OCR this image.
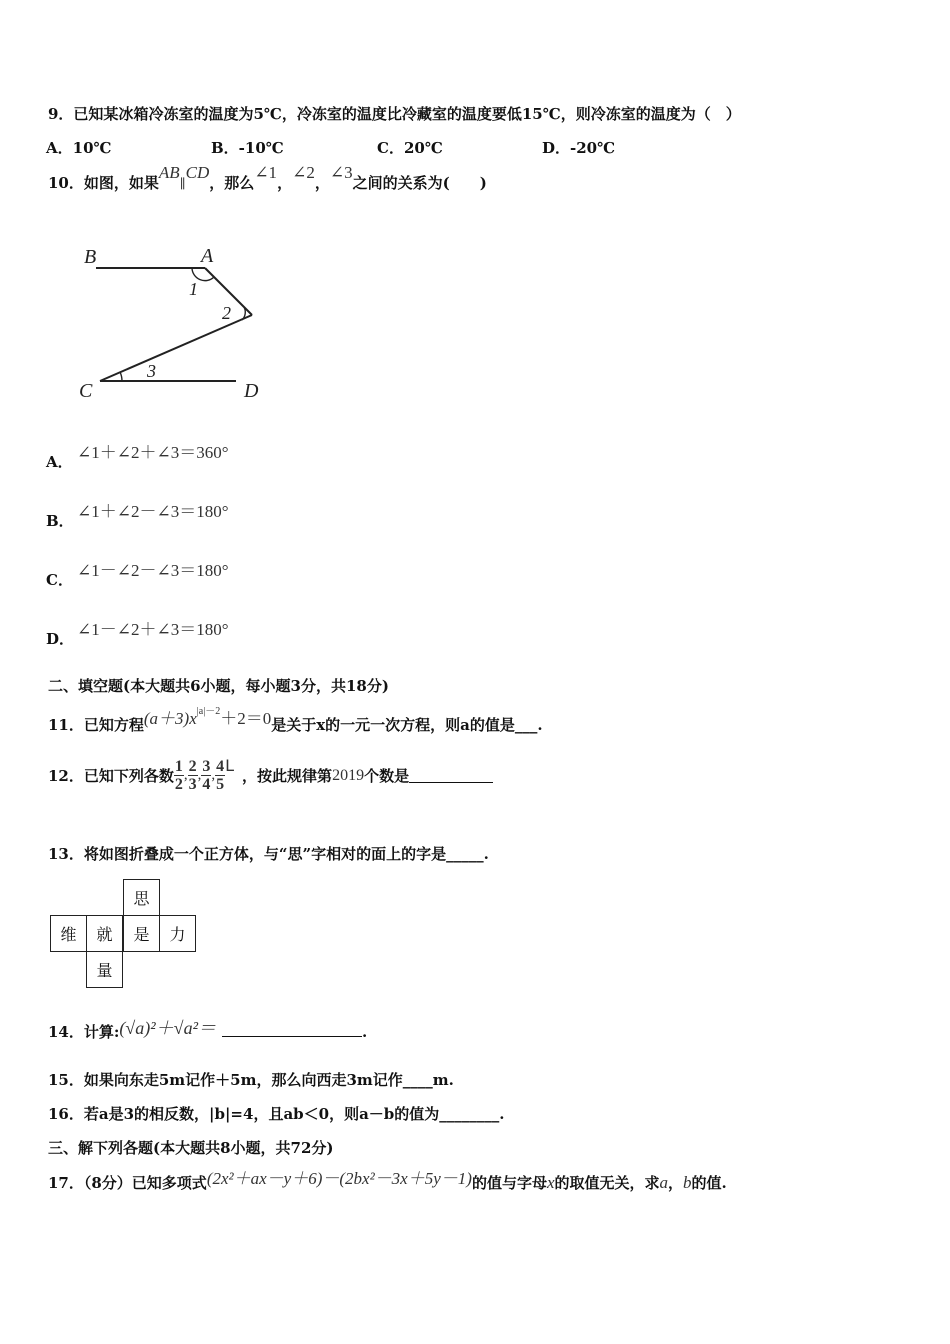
9．已知某冰箱冷冻室的温度为5℃，冷冻室的温度比冷藏室的温度要低15℃，则冷冻室的温度为（　）
A．10℃	B．-10℃	C．20℃	D．-20℃
10．如图，如果AB∥CD，那么∠1，∠2，∠3之间的关系为(　　)
B	A
C	D
1
2
3
A． ∠1＋∠2＋∠3＝360°
B． ∠1＋∠2－∠3＝180°
C． ∠1－∠2－∠3＝180°
D． ∠1－∠2＋∠3＝180°
二、填空题(本大题共6小题，每小题3分，共18分)
11．已知方程$(a+3)x^{|a|-2}+2=0$是关于x的一元一次方程，则a的值是___.
12．已知下列各数 $\frac{1}{2}$ , $\frac{2}{3}$ , $\frac{3}{4}$ , $\frac{4}{5}$ L
，按此规律第 2019 个数是
13．将如图折叠成一个正方体，与“思”字相对的面上的字是_____.
思
维	就	是	力
量
14．计算:(√a)²＋√a²＝	.
15．如果向东走5m记作＋5m，那么向西走3m记作____m.
16．若a是3的相反数，|b|=4，且ab＜0，则a－b的值为________.
三、解下列各题(本大题共8小题，共72分)
17．（8分）已知多项式(2x²＋ax－y＋6)－(2bx²－3x＋5y－1)的值与字母x的取值无关，求a，b的值.
